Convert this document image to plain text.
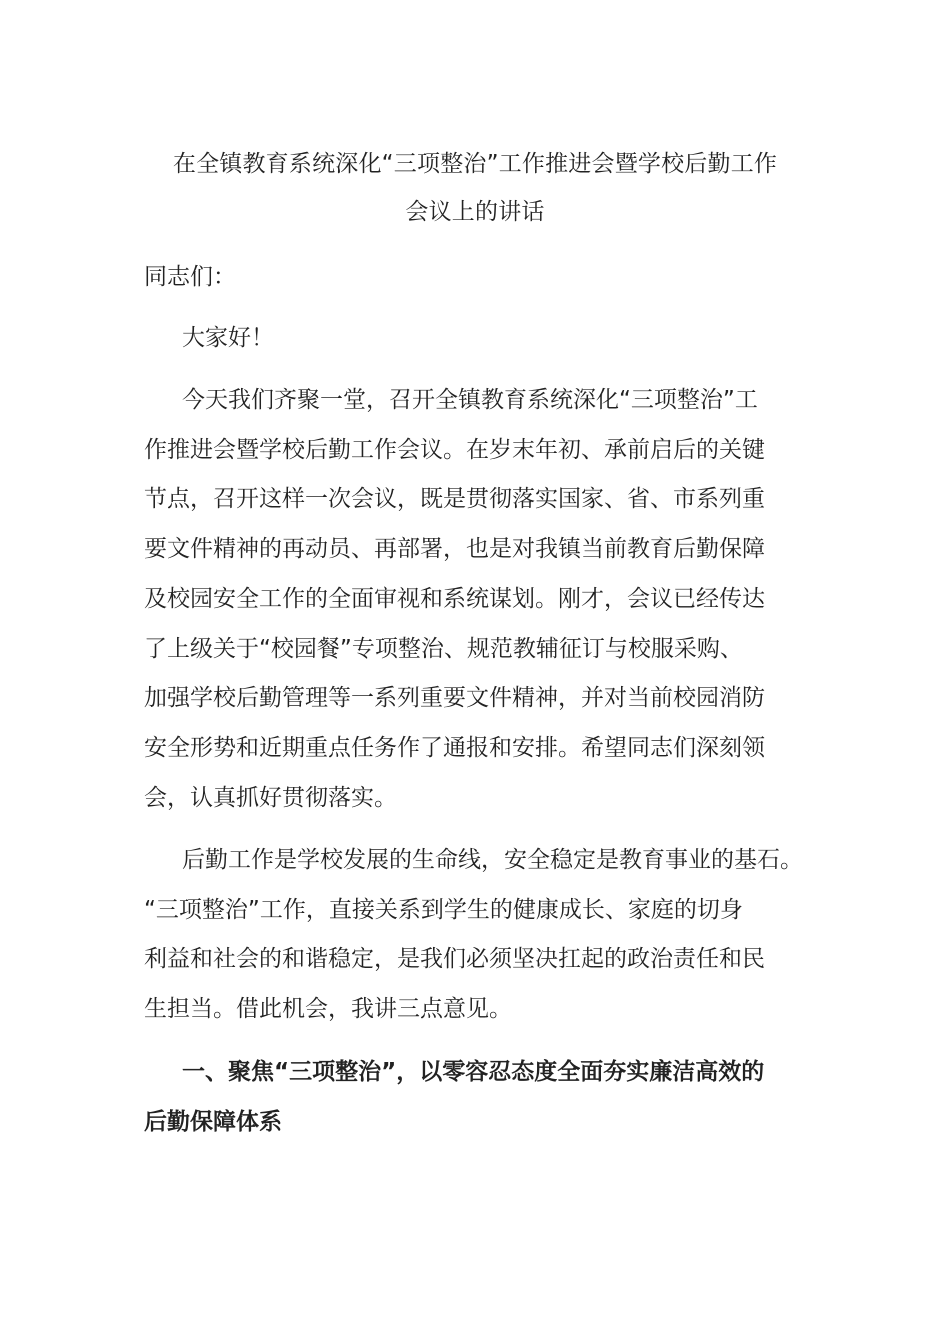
在全镇教育系统深化“三项整治”工作推进会暨学校后勤工作
会议上的讲话
同志们：
大家好！
今天我们齐聚一堂，召开全镇教育系统深化“三项整治”工
作推进会暨学校后勤工作会议。在岁末年初、承前启后的关键
节点，召开这样一次会议，既是贯彻落实国家、省、市系列重
要文件精神的再动员、再部署，也是对我镇当前教育后勤保障
及校园安全工作的全面审视和系统谋划。刚才，会议已经传达
了上级关于“校园餐”专项整治、规范教辅征订与校服采购、
加强学校后勤管理等一系列重要文件精神，并对当前校园消防
安全形势和近期重点任务作了通报和安排。希望同志们深刻领
会，认真抓好贯彻落实。
后勤工作是学校发展的生命线，安全稳定是教育事业的基石。
“三项整治”工作，直接关系到学生的健康成长、家庭的切身
利益和社会的和谐稳定，是我们必须坚决扛起的政治责任和民
生担当。借此机会，我讲三点意见。
一、聚焦“三项整治”，以零容忍态度全面夯实廉洁高效的
后勤保障体系
